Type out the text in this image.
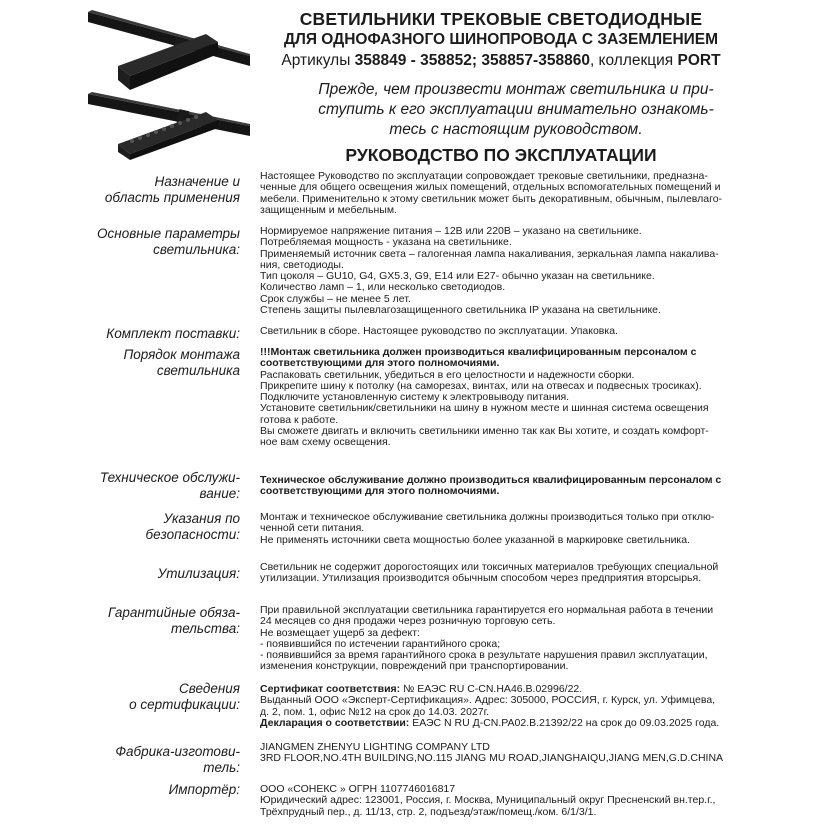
СВЕТИЛЬНИКИ ТРЕКОВЫЕ СВЕТОДИОДНЫЕ
ДЛЯ ОДНОФАЗНОГО ШИНОПРОВОДА С ЗАЗЕМЛЕНИЕМ
Артикулы 358849 - 358852; 358857-358860, коллекция PORT
Прежде, чем произвести монтаж светильника и при-
ступить к его эксплуатации внимательно ознакомь-
тесь с настоящим руководством.
РУКОВОДСТВО ПО ЭКСПЛУАТАЦИИ
Назначение и
область применения
Настоящее Руководство по эксплуатации сопровождает трековые светильники, предназна-
ченные для общего освещения жилых помещений, отдельных вспомогательных помещений и
мебели. Применительно к этому светильник может быть декоративным, обычным, пылевлаго-
защищенным и мебельным.
Основные параметры
светильника:
Нормируемое напряжение питания – 12В или 220В – указано на светильнике.
Потребляемая мощность - указана на светильнике.
Применяемый источник света – галогенная лампа накаливания, зеркальная лампа накалива-
ния, светодиоды.
Тип цоколя – GU10, G4, GX5.3, G9, E14 или Е27- обычно указан на светильнике.
Количество ламп – 1, или несколько светодиодов.
Срок службы – не менее 5 лет.
Степень защиты пылевлагозащищенного светильника IP указана на светильнике.
Комплект поставки: Светильник в сборе. Настоящее руководство по эксплуатации. Упаковка.
Порядок монтажа
светильника
!!!Монтаж светильника должен производиться квалифицированным персоналом с
соответствующими для этого полномочиями.
Распаковать светильник, убедиться в его целостности и надежности сборки.
Прикрепите шину к потолку (на саморезах, винтах, или на отвесах и подвесных тросиках).
Подключите установленную систему к электровыводу питания.
Установите светильник/светильники на шину в нужном месте и шинная система освещения
готова к работе.
Вы сможете двигать и включить светильники именно так как Вы хотите, и создать комфорт-
ное вам схему освещения.
Техническое обслужи-
вание:
Техническое обслуживание должно производиться квалифицированным персоналом с
соответствующими для этого полномочиями.
Указания по
безопасности:
Монтаж и техническое обслуживание светильника должны производиться только при отклю-
ченной сети питания.
Не применять источники света мощностью более указанной в маркировке светильника.
Утилизация: Светильник не содержит дорогостоящих или токсичных материалов требующих специальной
утилизации. Утилизация производится обычным способом через предприятия вторсырья.
Гарантийные обяза-
тельства:
При правильной эксплуатации светильника гарантируется его нормальная работа в течении
24 месяцев со дня продажи через розничную торговую сеть.
Не возмещает ущерб за дефект:
- появившийся по истечении гарантийного срока;
- появившийся за время гарантийного срока в результате нарушения правил эксплуатации,
изменения конструкции, повреждений при транспортировании.
Сведения
о сертификации:
Сертификат соответствия: № ЕАЭС RU C-CN.НА46.В.02996/22.
Выданный ООО «Эксперт-Сертификация». Адрес: 305000, РОССИЯ, г. Курск, ул. Уфимцева,
д. 2, пом. 1, офис №12 на срок до 14.03. 2027г.
Декларация о соответствии: ЕАЭС N RU Д-CN.PA02.B.21392/22 на срок до 09.03.2025 года.
Фабрика-изготови-
тель:
JIANGMEN ZHENYU LIGHTING COMPANY LTD
3RD FLOOR,NO.4TH BUILDING,NO.115 JIANG MU ROAD,JIANGHAIQU,JIANG MEN,G.D.CHINA
Импортёр: ООО «СОНЕКС » ОГРН 1107746016817
Юридический адрес: 123001, Россия, г. Москва, Муниципальный округ Пресненский вн.тер.г.,
Трёхпрудный пер., д. 11/13, стр. 2, подъезд/этаж/помещ./ком. 6/1/3/1.
